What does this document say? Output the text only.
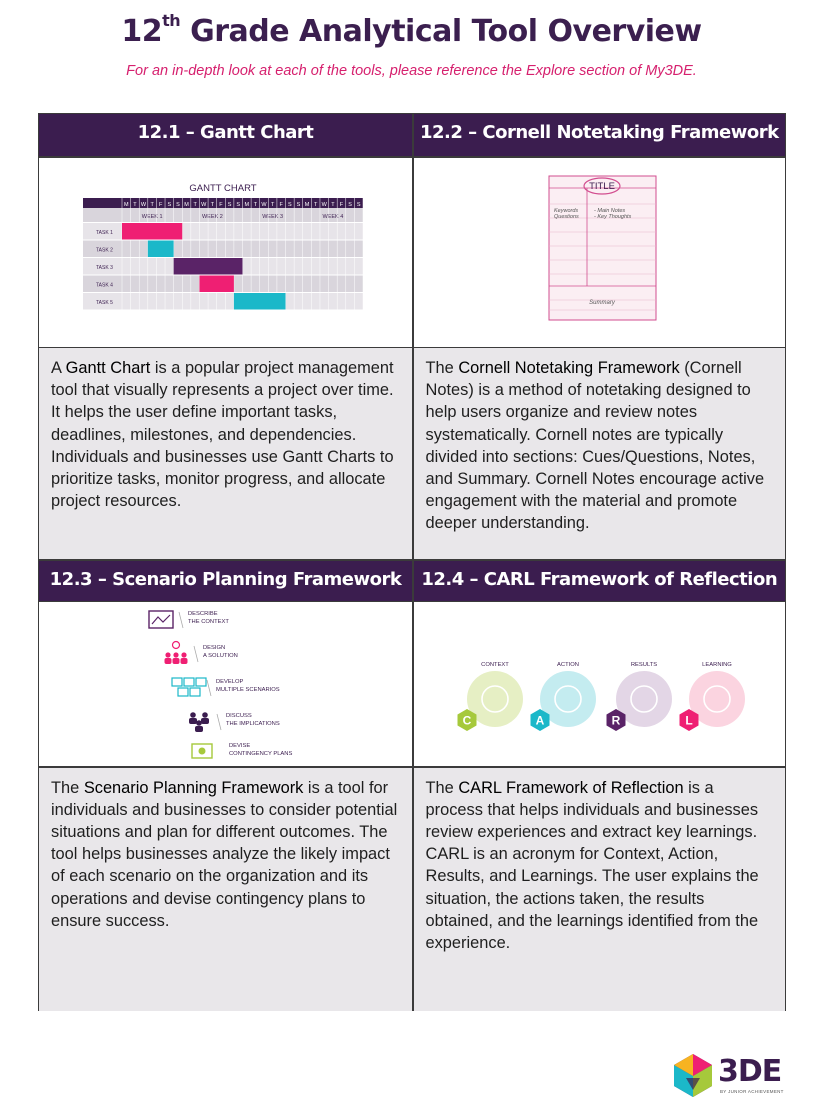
12th Grade Analytical Tool Overview
For an in-depth look at each of the tools, please reference the Explore section of My3DE.
12.1 – Gantt Chart	12.2 – Cornell Notetaking Framework
GANTT CHART
M T W T F S S M T W T F S S M T W T F S S M T W T F S S
WEEK 1	WEEK 2	WEEK 3	WEEK 4
TASK 1
TASK 2
TASK 3
TASK 4
TASK 5
TITLE
Keywords
Questions
- Main Notes
- Key Thoughts
Summary
A Gantt Chart is a popular project management tool that visually represents a project over time. It helps the user define important tasks, deadlines, milestones, and dependencies. Individuals and businesses use Gantt Charts to prioritize tasks, monitor progress, and allocate project resources.
The Cornell Notetaking Framework (Cornell Notes) is a method of notetaking designed to help users organize and review notes systematically. Cornell notes are typically divided into sections: Cues/Questions, Notes, and Summary. Cornell Notes encourage active engagement with the material and promote deeper understanding.
12.3 – Scenario Planning Framework	12.4 – CARL Framework of Reflection
DESCRIBE
THE CONTEXT
DESIGN
A SOLUTION
DEVELOP
MULTIPLE SCENARIOS
DISCUSS
THE IMPLICATIONS
DEVISE
CONTINGENCY PLANS
CONTEXT
C
ACTION
A
RESULTS
R
LEARNING
L
The Scenario Planning Framework is a tool for individuals and businesses to consider potential situations and plan for different outcomes. The tool helps businesses analyze the likely impact of each scenario on the organization and its operations and devise contingency plans to ensure success.
The CARL Framework of Reflection is a process that helps individuals and businesses review experiences and extract key learnings. CARL is an acronym for Context, Action, Results, and Learnings. The user explains the situation, the actions taken, the results obtained, and the learnings identified from the experience.
3DE
BY JUNIOR ACHIEVEMENT
